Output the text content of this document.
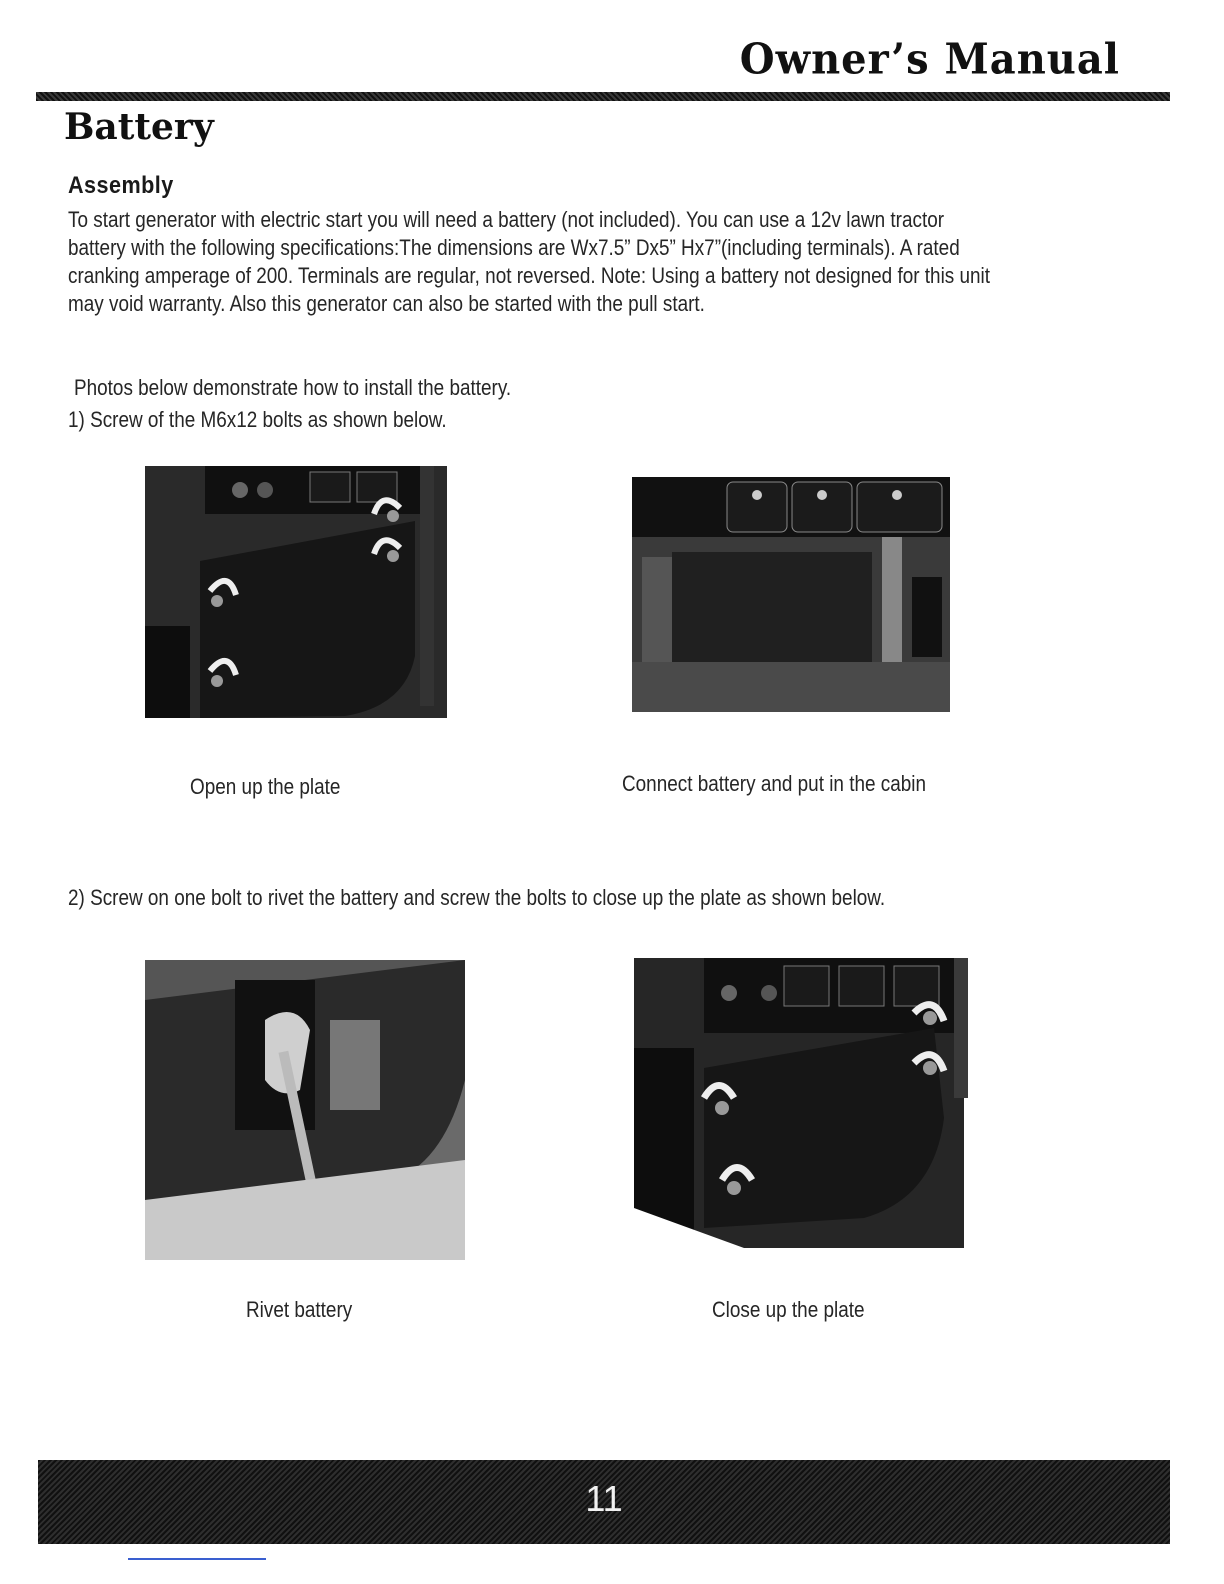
Owner’s Manual
Battery
Assembly
To start generator with electric start you will need a battery (not included). You can use a 12v lawn tractor battery with the following specifications:The dimensions are Wx7.5” Dx5” Hx7”(including terminals). A rated cranking amperage of 200. Terminals are regular, not reversed. Note: Using a battery not designed for this unit may void warranty. Also this generator can also be started with the pull start.
Photos below demonstrate how to install the battery.
1) Screw of the M6x12 bolts as shown below.
Open up the plate	Connect battery and put in the cabin
2) Screw on one bolt to rivet the battery and screw the bolts to close up the plate as shown below.
Rivet battery	Close up the plate
11
